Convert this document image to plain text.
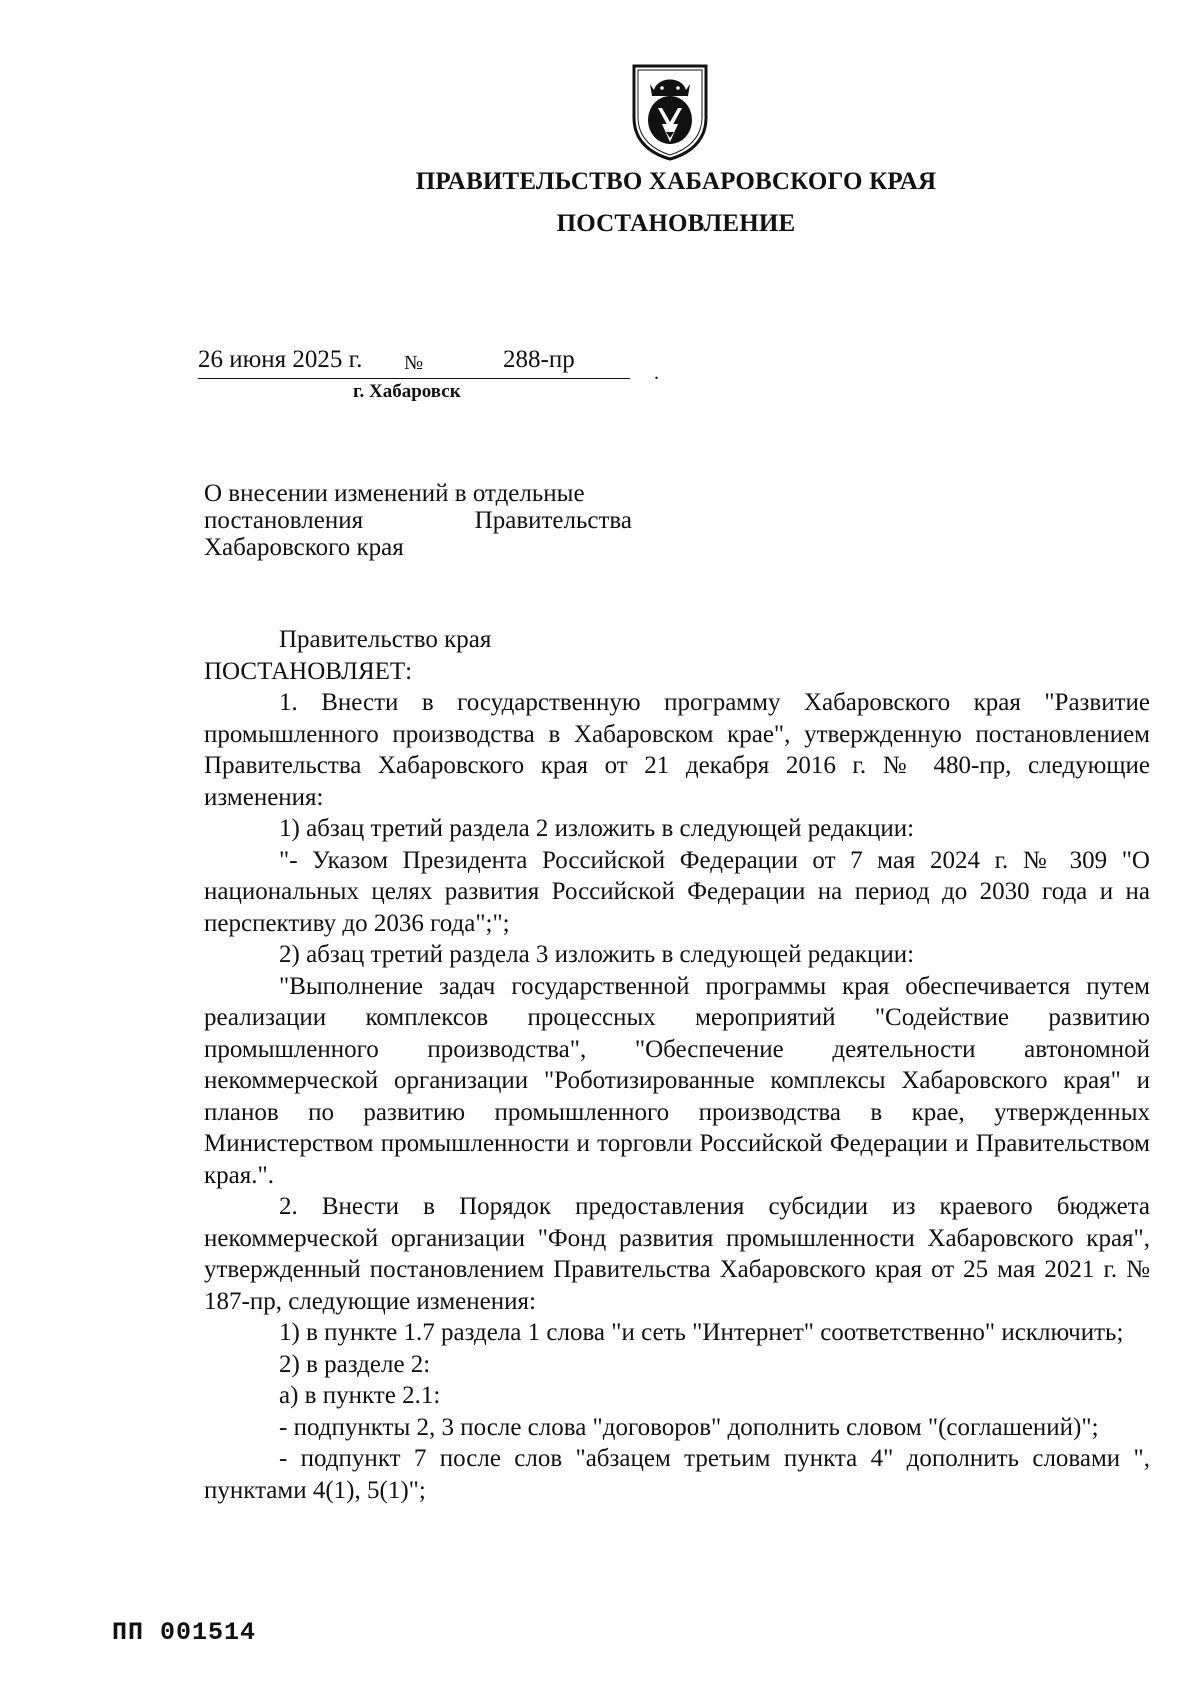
ПРАВИТЕЛЬСТВО ХАБАРОВСКОГО КРАЯ
ПОСТАНОВЛЕНИЕ
26 июня 2025 г. №	288-пр	.
г. Хабаровск
О внесении изменений в отдельные
постановления	Правительства
Хабаровского края

Правительство края

ПОСТАНОВЛЯЕТ:

1. Внести в государственную программу Хабаровского края "Развитие промышленного производства в Хабаровском крае", утвержденную постановлением Правительства Хабаровского края от 21 декабря 2016 г. № 480-пр, следующие изменения:

1) абзац третий раздела 2 изложить в следующей редакции:

"- Указом Президента Российской Федерации от 7 мая 2024 г. № 309 "О национальных целях развития Российской Федерации на период до 2030 года и на перспективу до 2036 года";";

2) абзац третий раздела 3 изложить в следующей редакции:

"Выполнение задач государственной программы края обеспечивается путем реализации комплексов процессных мероприятий "Содействие развитию промышленного производства", "Обеспечение деятельности автономной некоммерческой организации "Роботизированные комплексы Хабаровского края" и планов по развитию промышленного производства в крае, утвержденных Министерством промышленности и торговли Российской Федерации и Правительством края.".

2. Внести в Порядок предоставления субсидии из краевого бюджета некоммерческой организации "Фонд развития промышленности Хабаровского края", утвержденный постановлением Правительства Хабаровского края от 25 мая 2021 г. № 187-пр, следующие изменения:

1) в пункте 1.7 раздела 1 слова "и сеть "Интернет" соответственно" исключить;

2) в разделе 2:

а) в пункте 2.1:

- подпункты 2, 3 после слова "договоров" дополнить словом "(соглашений)";

- подпункт 7 после слов "абзацем третьим пункта 4" дополнить словами ", пунктами 4(1), 5(1)";

ПП 001514
